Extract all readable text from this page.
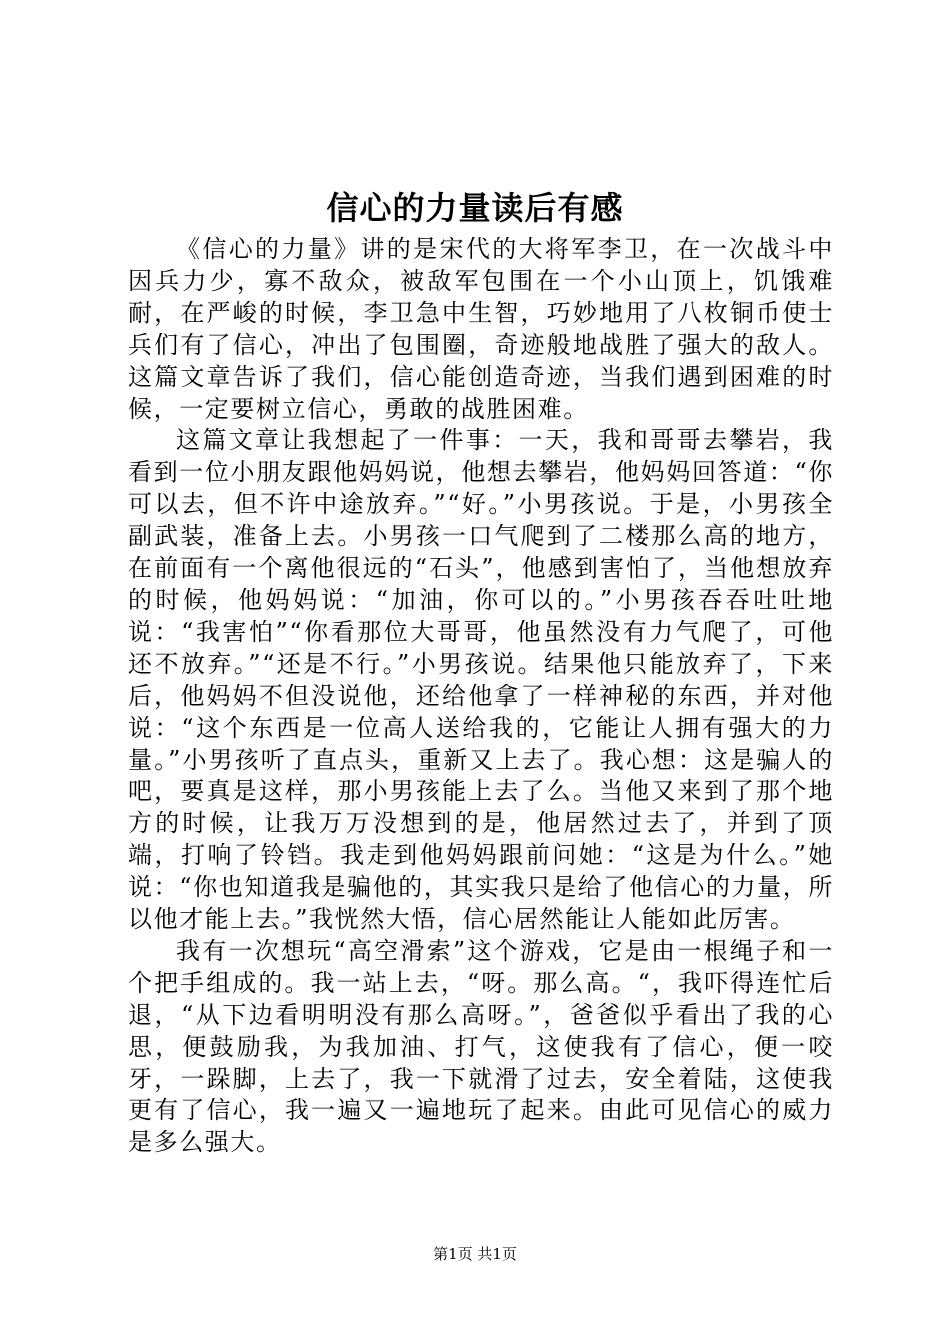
信心的力量读后有感

《信心的力量》讲的是宋代的大将军李卫，在一次战斗中因兵力少，寡不敌众，被敌军包围在一个小山顶上，饥饿难耐，在严峻的时候，李卫急中生智，巧妙地用了八枚铜币使士兵们有了信心，冲出了包围圈，奇迹般地战胜了强大的敌人。这篇文章告诉了我们，信心能创造奇迹，当我们遇到困难的时候，一定要树立信心，勇敢的战胜困难。

这篇文章让我想起了一件事：一天，我和哥哥去攀岩，我看到一位小朋友跟他妈妈说，他想去攀岩，他妈妈回答道：“你可以去，但不许中途放弃。”“好。”小男孩说。于是，小男孩全副武装，准备上去。小男孩一口气爬到了二楼那么高的地方，在前面有一个离他很远的“石头”，他感到害怕了，当他想放弃的时候，他妈妈说：“加油，你可以的。”小男孩吞吞吐吐地说：“我害怕”“你看那位大哥哥，他虽然没有力气爬了，可他还不放弃。”“还是不行。”小男孩说。结果他只能放弃了，下来后，他妈妈不但没说他，还给他拿了一样神秘的东西，并对他说：“这个东西是一位高人送给我的，它能让人拥有强大的力量。”小男孩听了直点头，重新又上去了。我心想：这是骗人的吧，要真是这样，那小男孩能上去了么。当他又来到了那个地方的时候，让我万万没想到的是，他居然过去了，并到了顶端，打响了铃铛。我走到他妈妈跟前问她：“这是为什么。”她说：“你也知道我是骗他的，其实我只是给了他信心的力量，所以他才能上去。”我恍然大悟，信心居然能让人能如此厉害。

我有一次想玩“高空滑索”这个游戏，它是由一根绳子和一个把手组成的。我一站上去，“呀。那么高。“，我吓得连忙后退，“从下边看明明没有那么高呀。”，爸爸似乎看出了我的心思，便鼓励我，为我加油、打气，这使我有了信心，便一咬牙，一跺脚，上去了，我一下就滑了过去，安全着陆，这使我更有了信心，我一遍又一遍地玩了起来。由此可见信心的威力是多么强大。

第1页 共1页
